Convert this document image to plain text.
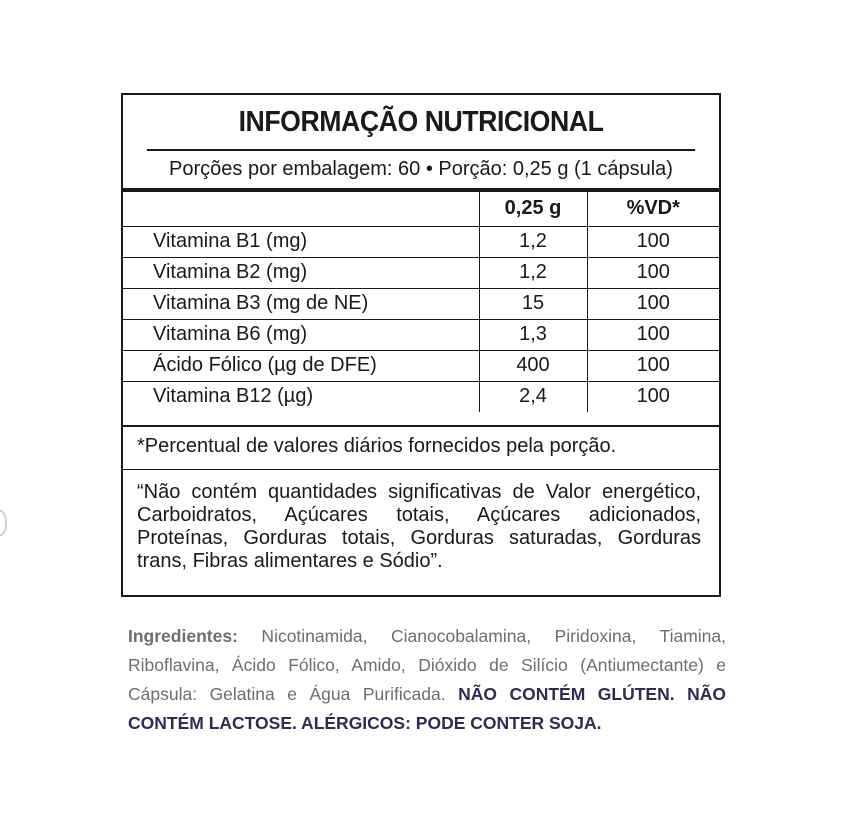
INFORMAÇÃO NUTRICIONAL
Porções por embalagem: 60 • Porção: 0,25 g (1 cápsula)
	0,25 g	%VD*
Vitamina B1 (mg)	1,2	100
Vitamina B2 (mg)	1,2	100
Vitamina B3 (mg de NE)	15	100
Vitamina B6 (mg)	1,3	100
Ácido Fólico (µg de DFE)	400	100
Vitamina B12 (µg)	2,4	100
*Percentual de valores diários fornecidos pela porção.
“Não contém quantidades significativas de Valor energético, Carboidratos, Açúcares totais, Açúcares adicionados, Proteínas, Gorduras totais, Gorduras saturadas, Gorduras trans, Fibras alimentares e Sódio”.
Ingredientes: Nicotinamida, Cianocobalamina, Piridoxina, Tiamina, Riboflavina, Ácido Fólico, Amido, Dióxido de Silício (Antiumectante) e Cápsula: Gelatina e Água Purificada. NÃO CONTÉM GLÚTEN. NÃO CONTÉM LACTOSE. ALÉRGICOS: PODE CONTER SOJA.
